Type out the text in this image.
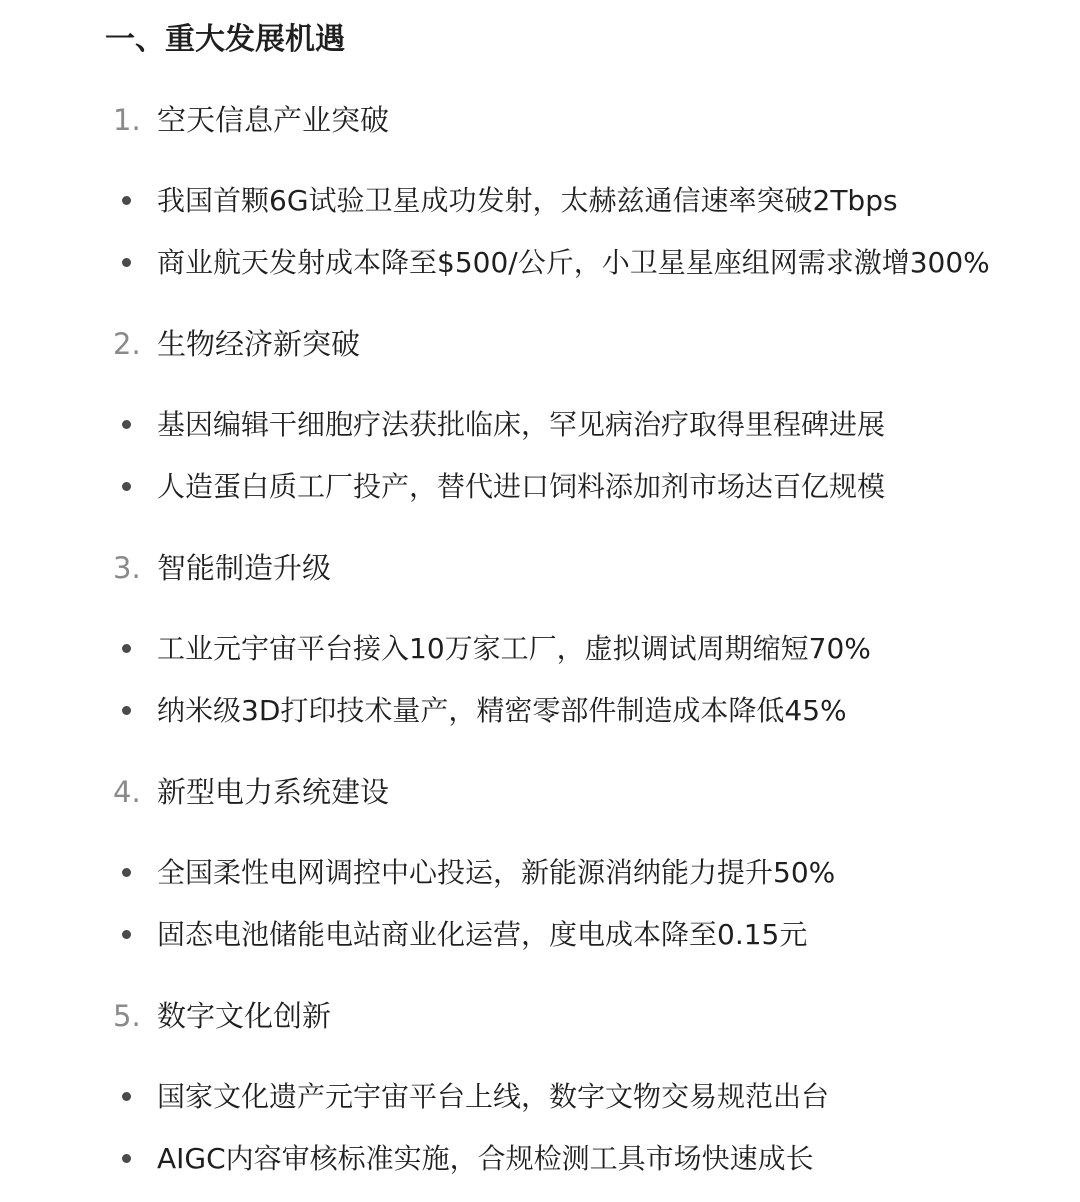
一、重大发展机遇
1. 空天信息产业突破
我国首颗6G试验卫星成功发射，太赫兹通信速率突破2Tbps
商业航天发射成本降至$500/公斤，小卫星星座组网需求激增300%
2. 生物经济新突破
基因编辑干细胞疗法获批临床，罕见病治疗取得里程碑进展
人造蛋白质工厂投产，替代进口饲料添加剂市场达百亿规模
3. 智能制造升级
工业元宇宙平台接入10万家工厂，虚拟调试周期缩短70%
纳米级3D打印技术量产，精密零部件制造成本降低45%
4. 新型电力系统建设
全国柔性电网调控中心投运，新能源消纳能力提升50%
固态电池储能电站商业化运营，度电成本降至0.15元
5. 数字文化创新
国家文化遗产元宇宙平台上线，数字文物交易规范出台
AIGC内容审核标准实施，合规检测工具市场快速成长
